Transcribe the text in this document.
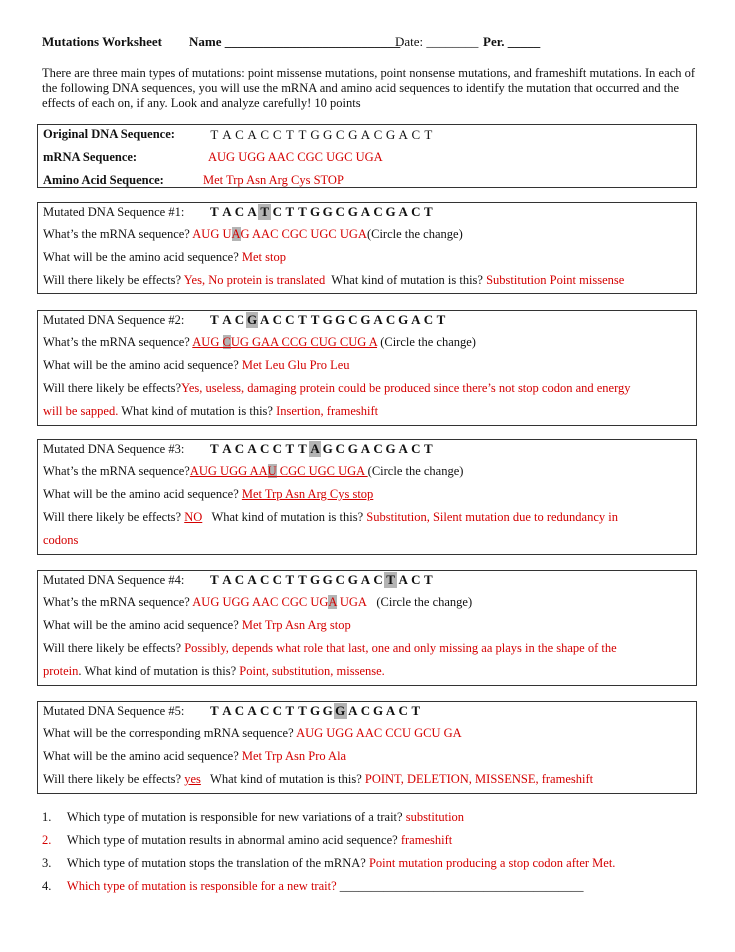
Mutations Worksheet Name ___________________________
Date: ________ Per. _____
There are three main types of mutations: point missense mutations, point nonsense mutations, and frameshift mutations. In each of the following DNA sequences, you will use the mRNA and amino acid sequences to identify the mutation that occurred and the effects of each on, if any. Look and analyze carefully! 10 points
Original DNA Sequence:	T A C A C C T T G G C G A C G A C T
mRNA Sequence:	AUG UGG AAC CGC UGC UGA
Amino Acid Sequence:	Met Trp Asn Arg Cys STOP
Mutated DNA Sequence #1: T A C A T C T T G G C G A C G A C T
What’s the mRNA sequence? AUG UAG AAC CGC UGC UGA(Circle the change)
What will be the amino acid sequence? Met stop
Will there likely be effects? Yes, No protein is translated What kind of mutation is this? Substitution Point missense
Mutated DNA Sequence #2: T A C G A C C T T G G C G A C G A C T
What’s the mRNA sequence? AUG CUG GAA CCG CUG CUG A (Circle the change)
What will be the amino acid sequence? Met Leu Glu Pro Leu
Will there likely be effects?Yes, useless, damaging protein could be produced since there’s not stop codon and energy
will be sapped. What kind of mutation is this? Insertion, frameshift
Mutated DNA Sequence #3: T A C A C C T T A G C G A C G A C T
What’s the mRNA sequence?AUG UGG AAU CGC UGC UGA (Circle the change)
What will be the amino acid sequence? Met Trp Asn Arg Cys stop
Will there likely be effects? NO What kind of mutation is this? Substitution, Silent mutation due to redundancy in
codons
Mutated DNA Sequence #4: T A C A C C T T G G C G A C T A C T
What’s the mRNA sequence? AUG UGG AAC CGC UGA UGA (Circle the change)
What will be the amino acid sequence? Met Trp Asn Arg stop
Will there likely be effects? Possibly, depends what role that last, one and only missing aa plays in the shape of the
protein. What kind of mutation is this? Point, substitution, missense.
Mutated DNA Sequence #5: T A C A C C T T G G G A C G A C T
What will be the corresponding mRNA sequence? AUG UGG AAC CCU GCU GA
What will be the amino acid sequence? Met Trp Asn Pro Ala
Will there likely be effects? yes What kind of mutation is this? POINT, DELETION, MISSENSE, frameshift
1. Which type of mutation is responsible for new variations of a trait? substitution
2. Which type of mutation results in abnormal amino acid sequence? frameshift
3. Which type of mutation stops the translation of the mRNA? Point mutation producing a stop codon after Met.
4. Which type of mutation is responsible for a new trait? _______________________________________
